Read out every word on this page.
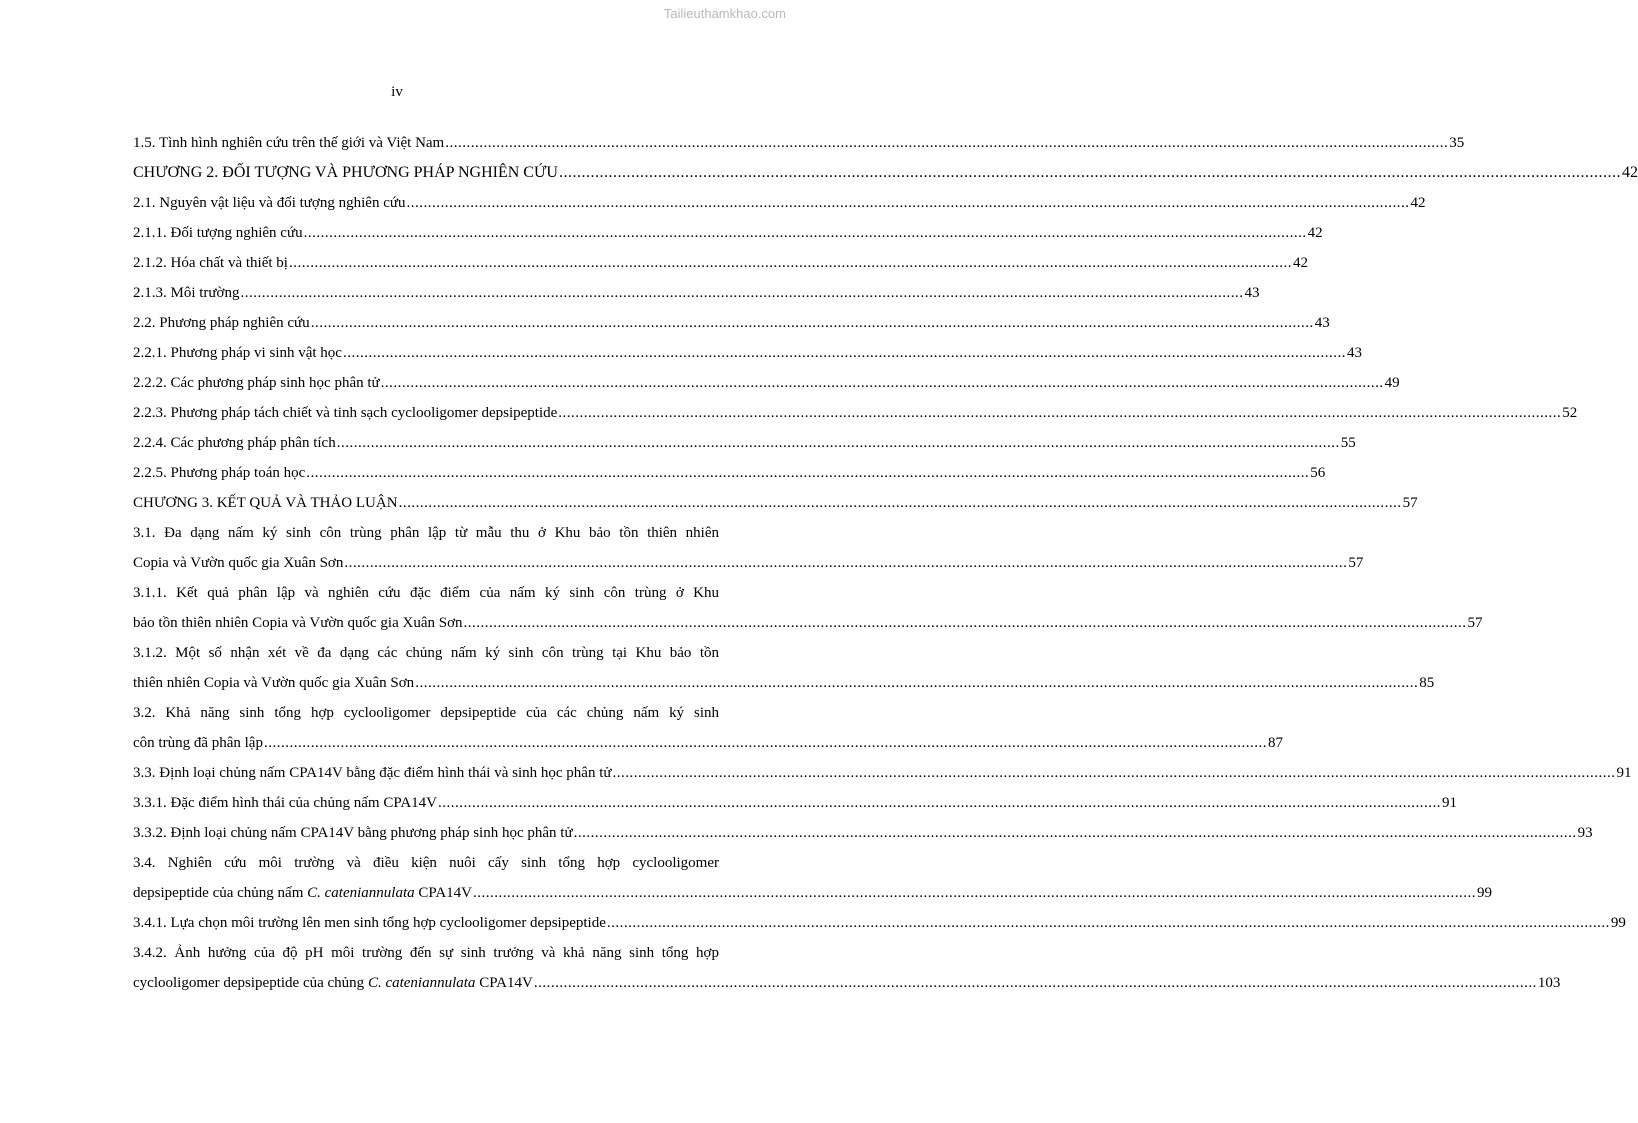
Tailieuthamkhao.com
iv
1.5. Tình hình nghiên cứu trên thế giới và Việt Nam .....	35
CHƯƠNG 2. ĐỐI TƯỢNG VÀ PHƯƠNG PHÁP NGHIÊN CỨU .....	42
2.1. Nguyên vật liệu và đối tượng nghiên cứu .....	42
2.1.1. Đối tượng nghiên cứu .....	42
2.1.2. Hóa chất và thiết bị .....	42
2.1.3. Môi trường .....	43
2.2. Phương pháp nghiên cứu .....	43
2.2.1. Phương pháp vi sinh vật học .....	43
2.2.2. Các phương pháp sinh học phân tử .....	49
2.2.3. Phương pháp tách chiết và tinh sạch cyclooligomer depsipeptide .....	52
2.2.4. Các phương pháp phân tích .....	55
2.2.5. Phương pháp toán học .....	56
CHƯƠNG 3. KẾT QUẢ VÀ THẢO LUẬN .....	57
3.1. Đa dạng nấm ký sinh côn trùng phân lập từ mẫu thu ở Khu bảo tồn thiên nhiên
Copia và Vườn quốc gia Xuân Sơn .....	57
3.1.1. Kết quả phân lập và nghiên cứu đặc điểm của nấm ký sinh côn trùng ở Khu
bảo tồn thiên nhiên Copia và Vườn quốc gia Xuân Sơn .....	57
3.1.2. Một số nhận xét về đa dạng các chủng nấm ký sinh côn trùng tại Khu bảo tồn
thiên nhiên Copia và Vườn quốc gia Xuân Sơn .....	85
3.2. Khả năng sinh tổng hợp cyclooligomer depsipeptide của các chủng nấm ký sinh
côn trùng đã phân lập .....	87
3.3. Định loại chủng nấm CPA14V bằng đặc điểm hình thái và sinh học phân tử .....	91
3.3.1. Đặc điểm hình thái của chủng nấm CPA14V .....	91
3.3.2. Định loại chủng nấm CPA14V bằng phương pháp sinh học phân tử .....	93
3.4. Nghiên cứu môi trường và điều kiện nuôi cấy sinh tổng hợp cyclooligomer
depsipeptide của chủng nấm C. cateniannulata CPA14V .....	99
3.4.1. Lựa chọn môi trường lên men sinh tổng hợp cyclooligomer depsipeptide .....	99
3.4.2. Ảnh hưởng của độ pH môi trường đến sự sinh trưởng và khả năng sinh tổng hợp
cyclooligomer depsipeptide của chủng C. cateniannulata CPA14V .....	103
